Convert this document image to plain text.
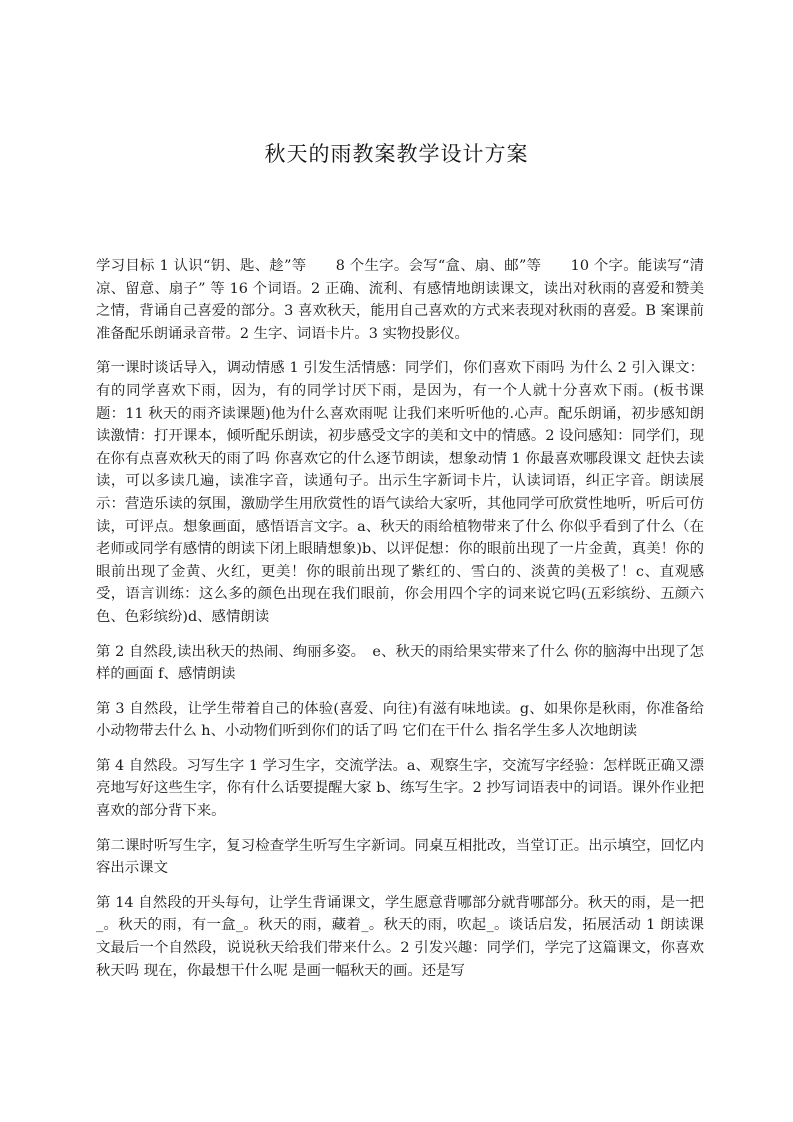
秋天的雨教案教学设计方案

学习目标 1 认识“钥、匙、趁”等　　8 个生字。会写“盒、扇、邮”等　　10 个字。能读写“清凉、留意、扇子” 等 16 个词语。2 正确、流利、有感情地朗读课文，读出对秋雨的喜爱和赞美之情，背诵自己喜爱的部分。3 喜欢秋天，能用自己喜欢的方式来表现对秋雨的喜爱。B 案课前准备配乐朗诵录音带。2 生字、词语卡片。3 实物投影仪。

第一课时谈话导入，调动情感 1 引发生活情感：同学们，你们喜欢下雨吗 为什么 2 引入课文：有的同学喜欢下雨，因为，有的同学讨厌下雨，是因为，有一个人就十分喜欢下雨。(板书课题：11 秋天的雨齐读课题)他为什么喜欢雨呢 让我们来听听他的.心声。配乐朗诵，初步感知朗读激情：打开课本，倾听配乐朗读，初步感受文字的美和文中的情感。2 设问感知：同学们，现在你有点喜欢秋天的雨了吗 你喜欢它的什么逐节朗读，想象动情 1 你最喜欢哪段课文 赶快去读读，可以多读几遍，读准字音，读通句子。出示生字新词卡片，认读词语，纠正字音。朗读展示：营造乐读的氛围，激励学生用欣赏性的语气读给大家听，其他同学可欣赏性地听，听后可仿读，可评点。想象画面，感悟语言文字。a、秋天的雨给植物带来了什么 你似乎看到了什么（在老师或同学有感情的朗读下闭上眼睛想象)b、以评促想：你的眼前出现了一片金黄，真美！你的眼前出现了金黄、火红，更美！你的眼前出现了紫红的、雪白的、淡黄的美极了！c、直观感受，语言训练：这么多的颜色出现在我们眼前，你会用四个字的词来说它吗(五彩缤纷、五颜六色、色彩缤纷)d、感情朗读

第 2 自然段,读出秋天的热闹、绚丽多姿。　e、秋天的雨给果实带来了什么 你的脑海中出现了怎样的画面 f、感情朗读

第 3 自然段，让学生带着自己的体验(喜爱、向往)有滋有味地读。g、如果你是秋雨，你准备给小动物带去什么 h、小动物们听到你们的话了吗 它们在干什么 指名学生多人次地朗读

第 4 自然段。习写生字 1 学习生字，交流学法。a、观察生字，交流写字经验：怎样既正确又漂亮地写好这些生字，你有什么话要提醒大家 b、练写生字。2 抄写词语表中的词语。课外作业把喜欢的部分背下来。

第二课时听写生字，复习检查学生听写生字新词。同桌互相批改，当堂订正。出示填空，回忆内容出示课文

第 14 自然段的开头每句，让学生背诵课文，学生愿意背哪部分就背哪部分。秋天的雨，是一把_。秋天的雨，有一盒_。秋天的雨，藏着_。秋天的雨，吹起_。谈话启发，拓展活动 1 朗读课文最后一个自然段，说说秋天给我们带来什么。2 引发兴趣：同学们，学完了这篇课文，你喜欢秋天吗 现在，你最想干什么呢 是画一幅秋天的画。还是写
